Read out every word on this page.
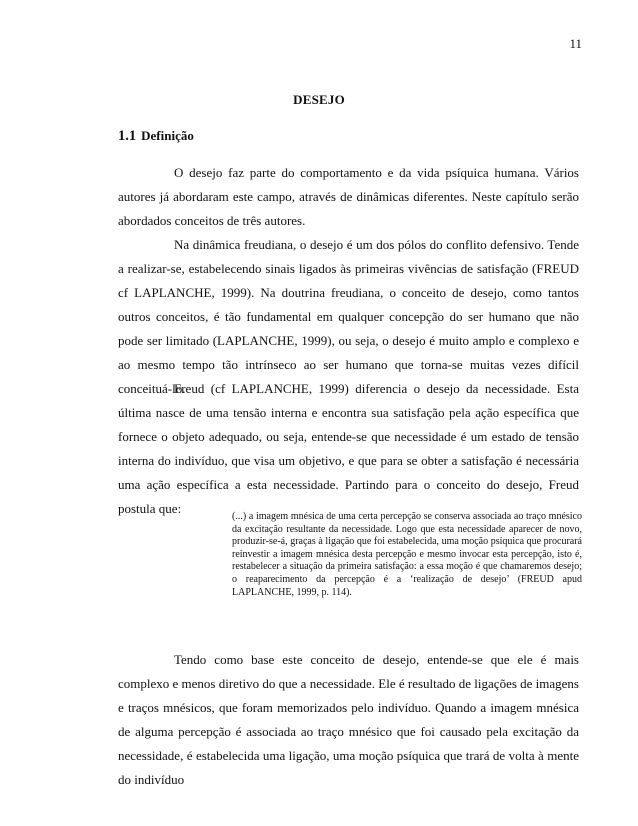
11
DESEJO
1.1 Definição

O desejo faz parte do comportamento e da vida psíquica humana. Vários autores já abordaram este campo, através de dinâmicas diferentes. Neste capítulo serão abordados conceitos de três autores.

Na dinâmica freudiana, o desejo é um dos pólos do conflito defensivo. Tende a realizar-se, estabelecendo sinais ligados às primeiras vivências de satisfação (FREUD cf LAPLANCHE, 1999). Na doutrina freudiana, o conceito de desejo, como tantos outros conceitos, é tão fundamental em qualquer concepção do ser humano que não pode ser limitado (LAPLANCHE, 1999), ou seja, o desejo é muito amplo e complexo e ao mesmo tempo tão intrínseco ao ser humano que torna-se muitas vezes difícil conceituá-lo.

Freud (cf LAPLANCHE, 1999) diferencia o desejo da necessidade. Esta última nasce de uma tensão interna e encontra sua satisfação pela ação específica que fornece o objeto adequado, ou seja, entende-se que necessidade é um estado de tensão interna do indivíduo, que visa um objetivo, e que para se obter a satisfação é necessária uma ação específica a esta necessidade. Partindo para o conceito do desejo, Freud postula que:

(...) a imagem mnésica de uma certa percepção se conserva associada ao traço mnésico da excitação resultante da necessidade. Logo que esta necessidade aparecer de novo, produzir-se-á, graças à ligação que foi estabelecida, uma moção psíquica que procurará reinvestir a imagem mnésica desta percepção e mesmo invocar esta percepção, isto é, restabelecer a situação da primeira satisfação: a essa moção é que chamaremos desejo; o reaparecimento da percepção é a ‘realização de desejo’ (FREUD apud LAPLANCHE, 1999, p. 114).

Tendo como base este conceito de desejo, entende-se que ele é mais complexo e menos diretivo do que a necessidade. Ele é resultado de ligações de imagens e traços mnésicos, que foram memorizados pelo indivíduo. Quando a imagem mnésica de alguma percepção é associada ao traço mnésico que foi causado pela excitação da necessidade, é estabelecida uma ligação, uma moção psíquica que trará de volta à mente do indivíduo
